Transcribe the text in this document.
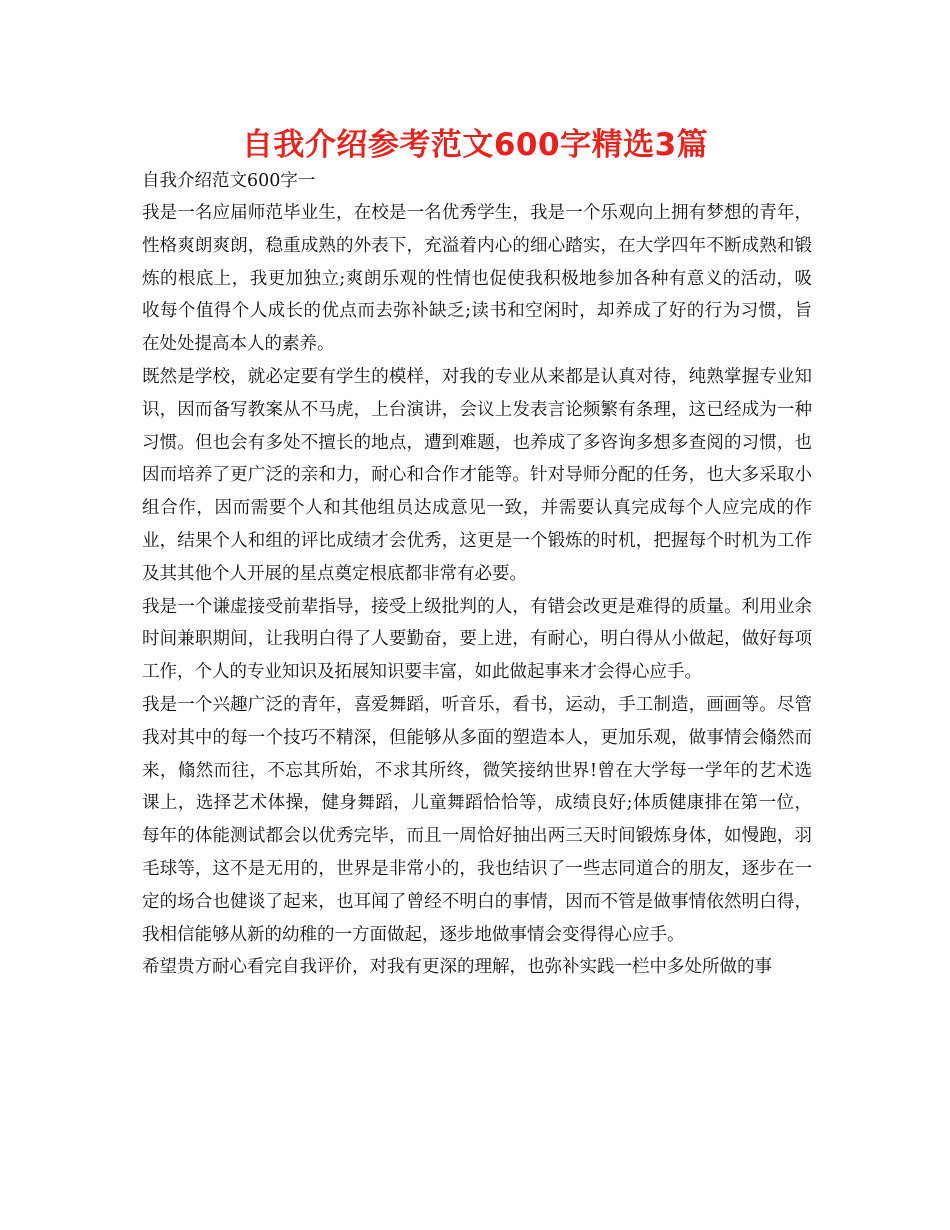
自我介绍参考范文600字精选3篇

自我介绍范文600字一

我是一名应届师范毕业生，在校是一名优秀学生，我是一个乐观向上拥有梦想的青年，性格爽朗爽朗，稳重成熟的外表下，充溢着内心的细心踏实，在大学四年不断成熟和锻炼的根底上，我更加独立;爽朗乐观的性情也促使我积极地参加各种有意义的活动，吸收每个值得个人成长的优点而去弥补缺乏;读书和空闲时，却养成了好的行为习惯，旨在处处提高本人的素养。

既然是学校，就必定要有学生的模样，对我的专业从来都是认真对待，纯熟掌握专业知识，因而备写教案从不马虎，上台演讲，会议上发表言论频繁有条理，这已经成为一种习惯。但也会有多处不擅长的地点，遭到难题，也养成了多咨询多想多查阅的习惯，也因而培养了更广泛的亲和力，耐心和合作才能等。针对导师分配的任务，也大多采取小组合作，因而需要个人和其他组员达成意见一致，并需要认真完成每个人应完成的作业，结果个人和组的评比成绩才会优秀，这更是一个锻炼的时机，把握每个时机为工作及其其他个人开展的星点奠定根底都非常有必要。

我是一个谦虚接受前辈指导，接受上级批判的人，有错会改更是难得的质量。利用业余时间兼职期间，让我明白得了人要勤奋，要上进，有耐心，明白得从小做起，做好每项工作，个人的专业知识及拓展知识要丰富，如此做起事来才会得心应手。

我是一个兴趣广泛的青年，喜爱舞蹈，听音乐，看书，运动，手工制造，画画等。尽管我对其中的每一个技巧不精深，但能够从多面的塑造本人，更加乐观，做事情会翛然而来，翛然而往，不忘其所始，不求其所终，微笑接纳世界!曾在大学每一学年的艺术选课上，选择艺术体操，健身舞蹈，儿童舞蹈恰恰等，成绩良好;体质健康排在第一位，每年的体能测试都会以优秀完毕，而且一周恰好抽出两三天时间锻炼身体，如慢跑，羽毛球等，这不是无用的，世界是非常小的，我也结识了一些志同道合的朋友，逐步在一定的场合也健谈了起来，也耳闻了曾经不明白的事情，因而不管是做事情依然明白得，我相信能够从新的幼稚的一方面做起，逐步地做事情会变得得心应手。

希望贵方耐心看完自我评价，对我有更深的理解，也弥补实践一栏中多处所做的事
